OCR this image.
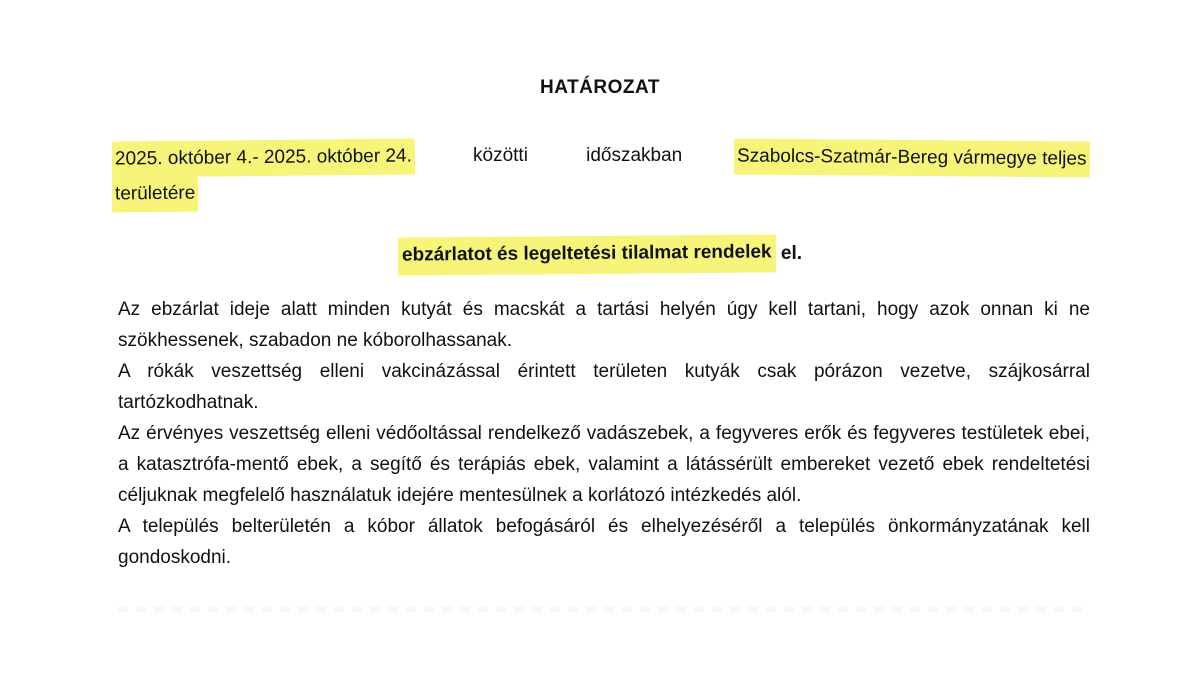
HATÁROZAT
2025. október 4.- 2025. október 24.	közötti	időszakban	Szabolcs-Szatmár-Bereg vármegye teljes
területére
ebzárlatot és legeltetési tilalmat rendelek el.

Az ebzárlat ideje alatt minden kutyát és macskát a tartási helyén úgy kell tartani, hogy azok onnan ki ne szökhessenek, szabadon ne kóborolhassanak.

A rókák veszettség elleni vakcinázással érintett területen kutyák csak pórázon vezetve, szájkosárral tartózkodhatnak.

Az érvényes veszettség elleni védőoltással rendelkező vadászebek, a fegyveres erők és fegyveres testületek ebei, a katasztrófa-mentő ebek, a segítő és terápiás ebek, valamint a látássérült embereket vezető ebek rendeltetési céljuknak megfelelő használatuk idejére mentesülnek a korlátozó intézkedés alól.

A település belterületén a kóbor állatok befogásáról és elhelyezéséről a település önkormányzatának kell gondoskodni.
